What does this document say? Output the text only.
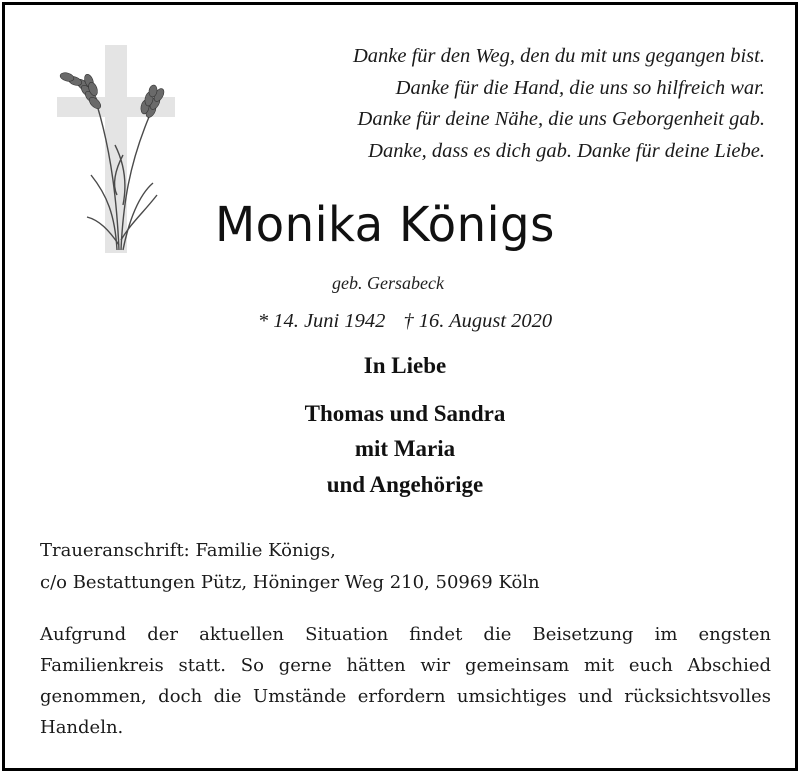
Danke für den Weg, den du mit uns gegangen bist.
Danke für die Hand, die uns so hilfreich war.
Danke für deine Nähe, die uns Geborgenheit gab.
Danke, dass es dich gab. Danke für deine Liebe.
Monika Königs
geb. Gersabeck
* 14. Juni 1942 † 16. August 2020
In Liebe
Thomas und Sandra
mit Maria
und Angehörige
Traueranschrift: Familie Königs,
c/o Bestattungen Pütz, Höninger Weg 210, 50969 Köln
Aufgrund der aktuellen Situation findet die Beisetzung im engsten Familienkreis statt. So gerne hätten wir gemeinsam mit euch Abschied genommen, doch die Umstände erfordern umsichtiges und rücksichtsvolles Handeln.
